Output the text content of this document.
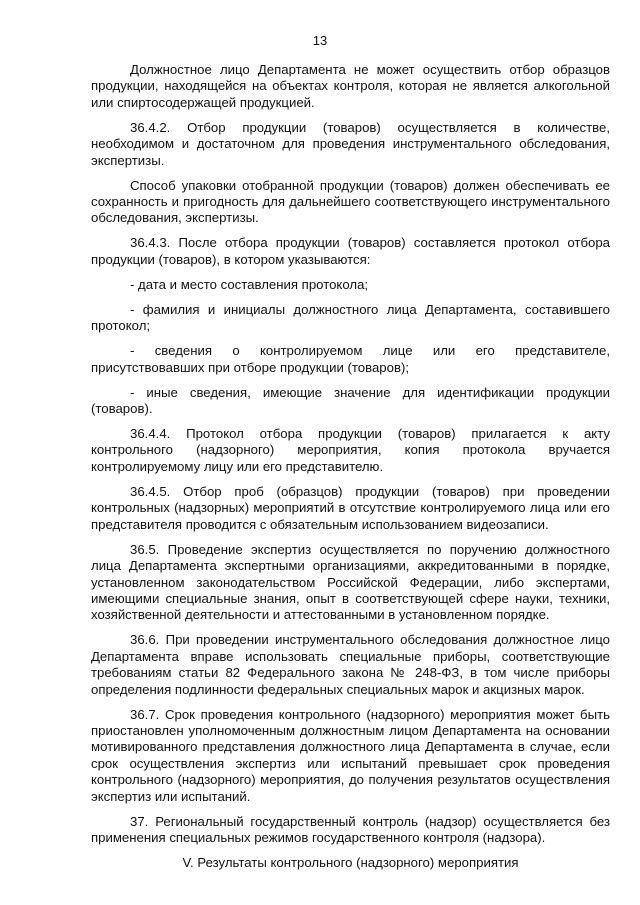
13

Должностное лицо Департамента не может осуществить отбор образцов продукции, находящейся на объектах контроля, которая не является алкогольной или спиртосодержащей продукцией.

36.4.2. Отбор продукции (товаров) осуществляется в количестве, необходимом и достаточном для проведения инструментального обследования, экспертизы.

Способ упаковки отобранной продукции (товаров) должен обеспечивать ее сохранность и пригодность для дальнейшего соответствующего инструментального обследования, экспертизы.

36.4.3. После отбора продукции (товаров) составляется протокол отбора продукции (товаров), в котором указываются:

- дата и место составления протокола;

- фамилия и инициалы должностного лица Департамента, составившего протокол;

- сведения о контролируемом лице или его представителе, присутствовавших при отборе продукции (товаров);

- иные сведения, имеющие значение для идентификации продукции (товаров).

36.4.4. Протокол отбора продукции (товаров) прилагается к акту контрольного (надзорного) мероприятия, копия протокола вручается контролируемому лицу или его представителю.

36.4.5. Отбор проб (образцов) продукции (товаров) при проведении контрольных (надзорных) мероприятий в отсутствие контролируемого лица или его представителя проводится с обязательным использованием видеозаписи.

36.5. Проведение экспертиз осуществляется по поручению должностного лица Департамента экспертными организациями, аккредитованными в порядке, установленном законодательством Российской Федерации, либо экспертами, имеющими специальные знания, опыт в соответствующей сфере науки, техники, хозяйственной деятельности и аттестованными в установленном порядке.

36.6. При проведении инструментального обследования должностное лицо Департамента вправе использовать специальные приборы, соответствующие требованиям статьи 82 Федерального закона № 248-ФЗ, в том числе приборы определения подлинности федеральных специальных марок и акцизных марок.

36.7. Срок проведения контрольного (надзорного) мероприятия может быть приостановлен уполномоченным должностным лицом Департамента на основании мотивированного представления должностного лица Департамента в случае, если срок осуществления экспертиз или испытаний превышает срок проведения контрольного (надзорного) мероприятия, до получения результатов осуществления экспертиз или испытаний.

37. Региональный государственный контроль (надзор) осуществляется без применения специальных режимов государственного контроля (надзора).

V. Результаты контрольного (надзорного) мероприятия
